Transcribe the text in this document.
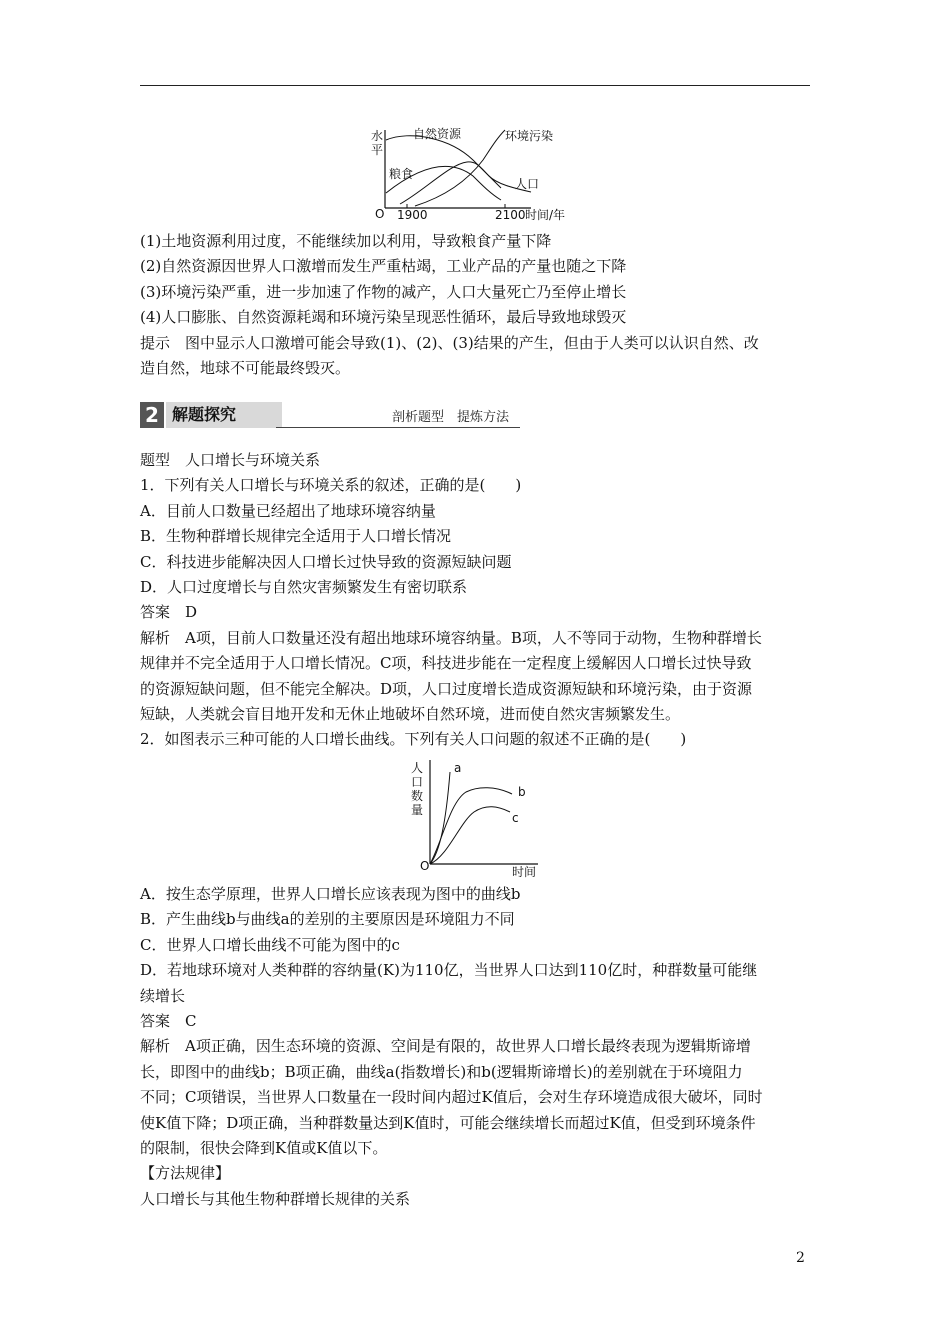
水
平
O 1900	2100 时间/年
自然资源	环境污染
粮食
人口
(1)土地资源利用过度，不能继续加以利用，导致粮食产量下降
(2)自然资源因世界人口激增而发生严重枯竭，工业产品的产量也随之下降
(3)环境污染严重，进一步加速了作物的减产，人口大量死亡乃至停止增长
(4)人口膨胀、自然资源耗竭和环境污染呈现恶性循环，最后导致地球毁灭
提示　图中显示人口激增可能会导致(1)、(2)、(3)结果的产生，但由于人类可以认识自然、改
造自然，地球不可能最终毁灭。
2 解题探究	剖析题型　提炼方法
题型　人口增长与环境关系
1．下列有关人口增长与环境关系的叙述，正确的是(　　)
A．目前人口数量已经超出了地球环境容纳量
B．生物种群增长规律完全适用于人口增长情况
C．科技进步能解决因人口增长过快导致的资源短缺问题
D．人口过度增长与自然灾害频繁发生有密切联系
答案　D
解析　A项，目前人口数量还没有超出地球环境容纳量。B项，人不等同于动物，生物种群增长
规律并不完全适用于人口增长情况。C项，科技进步能在一定程度上缓解因人口增长过快导致
的资源短缺问题，但不能完全解决。D项，人口过度增长造成资源短缺和环境污染，由于资源
短缺，人类就会盲目地开发和无休止地破坏自然环境，进而使自然灾害频繁发生。
2．如图表示三种可能的人口增长曲线。下列有关人口问题的叙述不正确的是(　　)
人
口
数
量
O	时间
a
b
c
A．按生态学原理，世界人口增长应该表现为图中的曲线b
B．产生曲线b与曲线a的差别的主要原因是环境阻力不同
C．世界人口增长曲线不可能为图中的c
D．若地球环境对人类种群的容纳量(K)为110亿，当世界人口达到110亿时，种群数量可能继
续增长
答案　C
解析　A项正确，因生态环境的资源、空间是有限的，故世界人口增长最终表现为逻辑斯谛增
长，即图中的曲线b；B项正确，曲线a(指数增长)和b(逻辑斯谛增长)的差别就在于环境阻力
不同；C项错误，当世界人口数量在一段时间内超过K值后，会对生存环境造成很大破坏，同时
使K值下降；D项正确，当种群数量达到K值时，可能会继续增长而超过K值，但受到环境条件
的限制，很快会降到K值或K值以下。
【方法规律】
人口增长与其他生物种群增长规律的关系
2
